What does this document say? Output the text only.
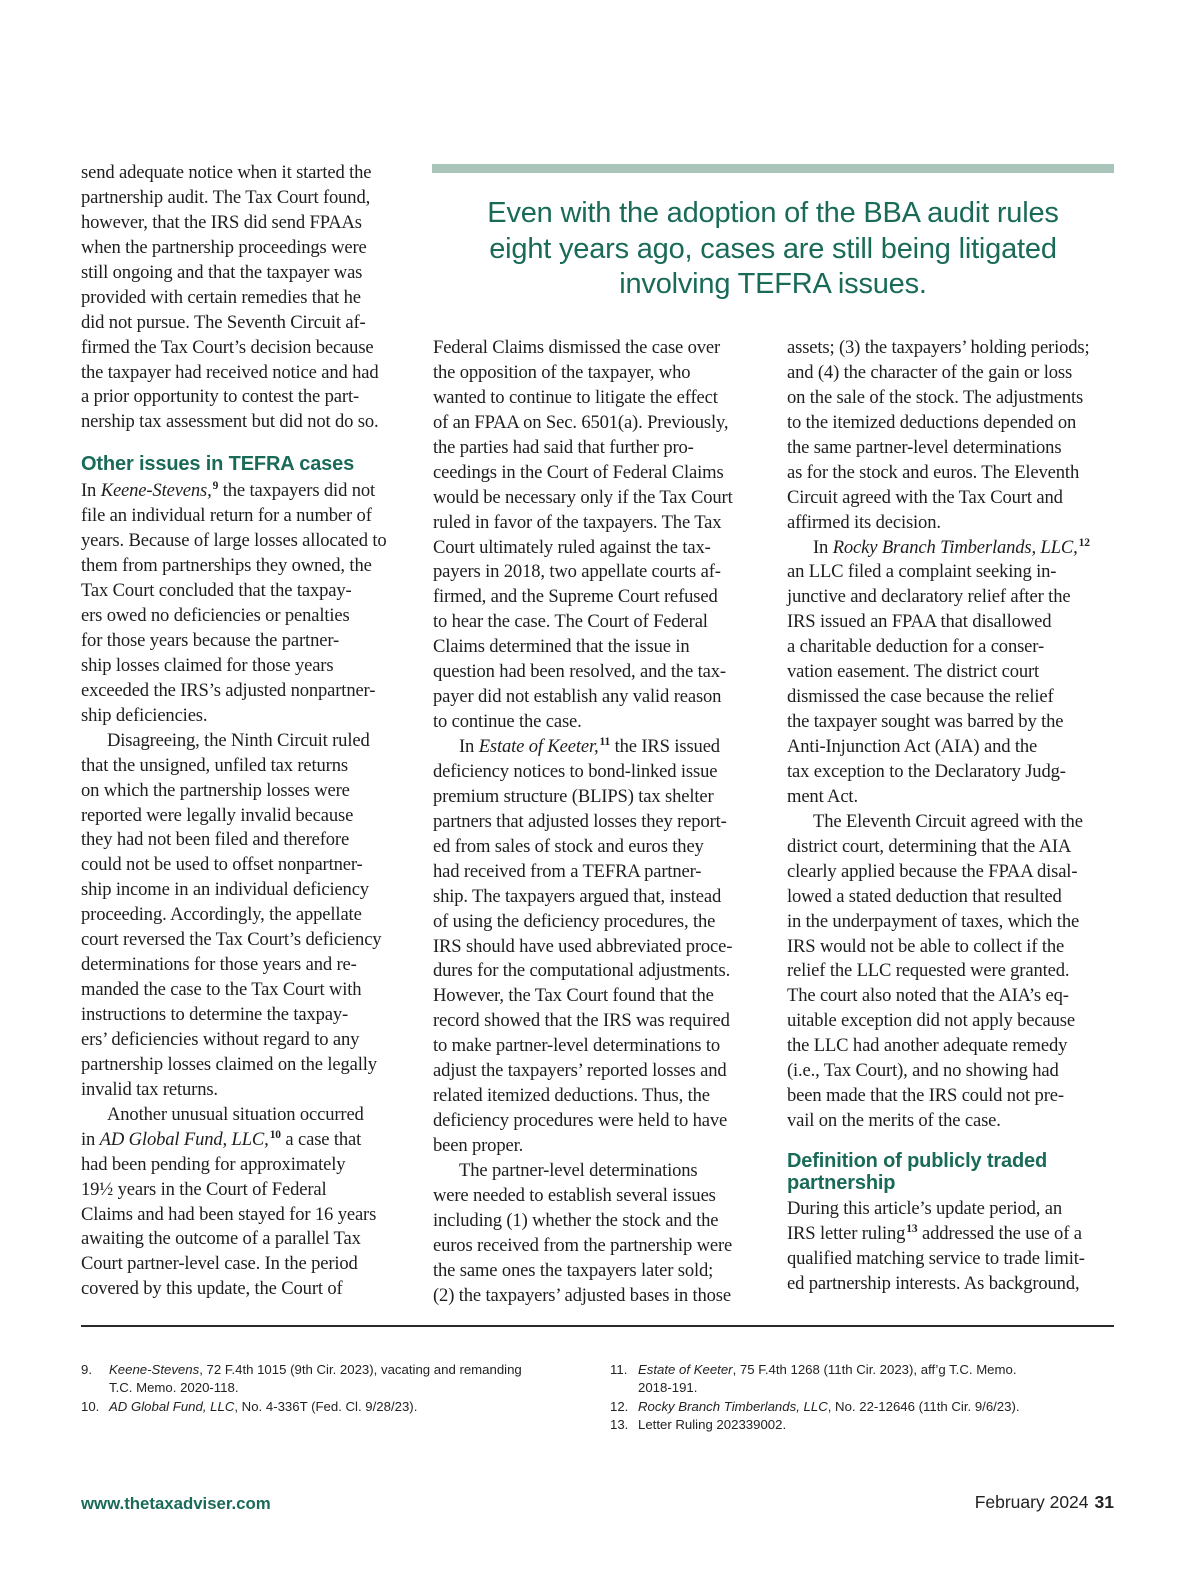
send adequate notice when it started the
partnership audit. The Tax Court found,
however, that the IRS did send FPAAs
when the partnership proceedings were
still ongoing and that the taxpayer was
provided with certain remedies that he
did not pursue. The Seventh Circuit af-
firmed the Tax Court’s decision because
the taxpayer had received notice and had
a prior opportunity to contest the part-
nership tax assessment but did not do so.
Other issues in TEFRA cases
In Keene-Stevens,$^9$ the taxpayers did not
file an individual return for a number of
years. Because of large losses allocated to
them from partnerships they owned, the
Tax Court concluded that the taxpay-
ers owed no deficiencies or penalties
for those years because the partner-
ship losses claimed for those years
exceeded the IRS’s adjusted nonpartner-
ship deficiencies.
Disagreeing, the Ninth Circuit ruled
that the unsigned, unfiled tax returns
on which the partnership losses were
reported were legally invalid because
they had not been filed and therefore
could not be used to offset nonpartner-
ship income in an individual deficiency
proceeding. Accordingly, the appellate
court reversed the Tax Court’s deficiency
determinations for those years and re-
manded the case to the Tax Court with
instructions to determine the taxpay-
ers’ deficiencies without regard to any
partnership losses claimed on the legally
invalid tax returns.
Another unusual situation occurred
in AD Global Fund, LLC,$^{10}$ a case that
had been pending for approximately
19½ years in the Court of Federal
Claims and had been stayed for 16 years
awaiting the outcome of a parallel Tax
Court partner-level case. In the period
covered by this update, the Court of
Even with the adoption of the BBA audit rules
eight years ago, cases are still being litigated
involving TEFRA issues.
Federal Claims dismissed the case over
the opposition of the taxpayer, who
wanted to continue to litigate the effect
of an FPAA on Sec. 6501(a). Previously,
the parties had said that further pro-
ceedings in the Court of Federal Claims
would be necessary only if the Tax Court
ruled in favor of the taxpayers. The Tax
Court ultimately ruled against the tax-
payers in 2018, two appellate courts af-
firmed, and the Supreme Court refused
to hear the case. The Court of Federal
Claims determined that the issue in
question had been resolved, and the tax-
payer did not establish any valid reason
to continue the case.
In Estate of Keeter,$^{11}$ the IRS issued
deficiency notices to bond-linked issue
premium structure (BLIPS) tax shelter
partners that adjusted losses they report-
ed from sales of stock and euros they
had received from a TEFRA partner-
ship. The taxpayers argued that, instead
of using the deficiency procedures, the
IRS should have used abbreviated proce-
dures for the computational adjustments.
However, the Tax Court found that the
record showed that the IRS was required
to make partner-level determinations to
adjust the taxpayers’ reported losses and
related itemized deductions. Thus, the
deficiency procedures were held to have
been proper.
The partner-level determinations
were needed to establish several issues
including (1) whether the stock and the
euros received from the partnership were
the same ones the taxpayers later sold;
(2) the taxpayers’ adjusted bases in those
assets; (3) the taxpayers’ holding periods;
and (4) the character of the gain or loss
on the sale of the stock. The adjustments
to the itemized deductions depended on
the same partner-level determinations
as for the stock and euros. The Eleventh
Circuit agreed with the Tax Court and
affirmed its decision.
In Rocky Branch Timberlands, LLC,$^{12}$
an LLC filed a complaint seeking in-
junctive and declaratory relief after the
IRS issued an FPAA that disallowed
a charitable deduction for a conser-
vation easement. The district court
dismissed the case because the relief
the taxpayer sought was barred by the
Anti-Injunction Act (AIA) and the
tax exception to the Declaratory Judg-
ment Act.
The Eleventh Circuit agreed with the
district court, determining that the AIA
clearly applied because the FPAA disal-
lowed a stated deduction that resulted
in the underpayment of taxes, which the
IRS would not be able to collect if the
relief the LLC requested were granted.
The court also noted that the AIA’s eq-
uitable exception did not apply because
the LLC had another adequate remedy
(i.e., Tax Court), and no showing had
been made that the IRS could not pre-
vail on the merits of the case.
Definition of publicly traded
partnership
During this article’s update period, an
IRS letter ruling$^{13}$ addressed the use of a
qualified matching service to trade limit-
ed partnership interests. As background,
9.	Keene-Stevens, 72 F.4th 1015 (9th Cir. 2023), vacating and remanding
T.C. Memo. 2020-118.
10. AD Global Fund, LLC, No. 4-336T (Fed. Cl. 9/28/23).
11. Estate of Keeter, 75 F.4th 1268 (11th Cir. 2023), aff’g T.C. Memo.
2018-191.
12. Rocky Branch Timberlands, LLC, No. 22-12646 (11th Cir. 9/6/23).
13. Letter Ruling 202339002.
www.thetaxadviser.com	February 2024 31
